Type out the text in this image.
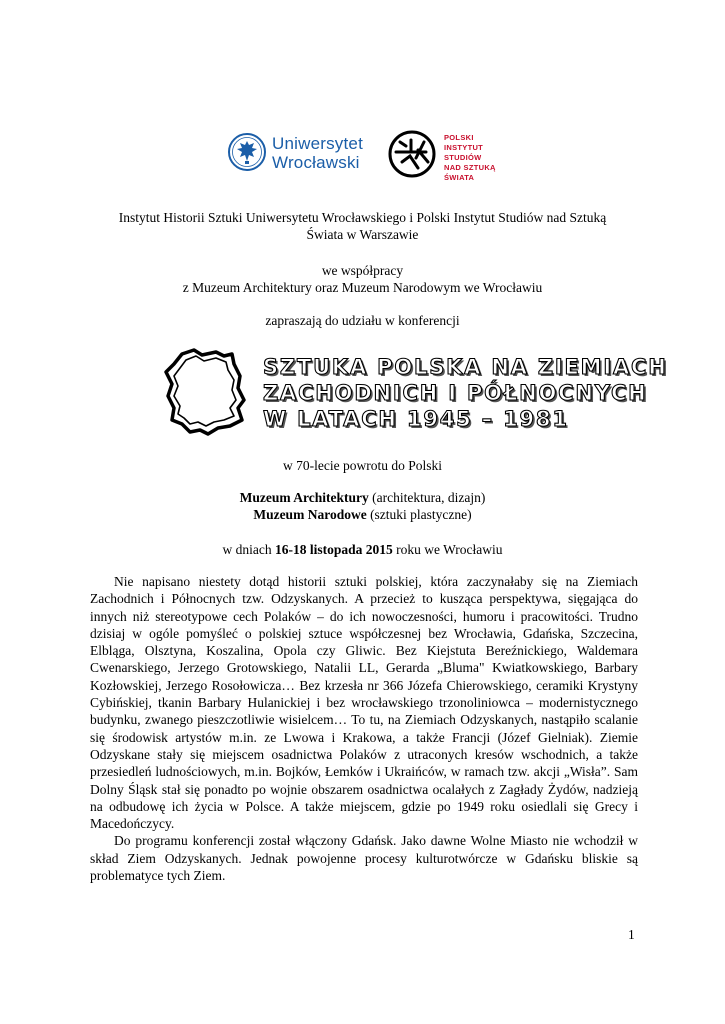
Uniwersytet
Wrocławski
POLSKI
INSTYTUT
STUDIÓW
NAD SZTUKĄ
ŚWIATA
Instytut Historii Sztuki Uniwersytetu Wrocławskiego i Polski Instytut Studiów nad Sztuką
Świata w Warszawie
we współpracy
z Muzeum Architektury oraz Muzeum Narodowym we Wrocławiu
zapraszają do udziału w konferencji
SZTUKA POLSKA NA ZIEMIACH
ZACHODNICH I PÓŁNOCNYCH
W LATACH 1945 – 1981
w 70-lecie powrotu do Polski
Muzeum Architektury (architektura, dizajn)
Muzeum Narodowe (sztuki plastyczne)
w dniach 16-18 listopada 2015 roku we Wrocławiu

Nie napisano niestety dotąd historii sztuki polskiej, która zaczynałaby się na Ziemiach Zachodnich i Północnych tzw. Odzyskanych. A przecież to kusząca perspektywa, sięgająca do innych niż stereotypowe cech Polaków – do ich nowoczesności, humoru i pracowitości. Trudno dzisiaj w ogóle pomyśleć o polskiej sztuce współczesnej bez Wrocławia, Gdańska, Szczecina, Elbląga, Olsztyna, Koszalina, Opola czy Gliwic. Bez Kiejstuta Bereźnickiego, Waldemara Cwenarskiego, Jerzego Grotowskiego, Natalii LL, Gerarda „Bluma" Kwiatkowskiego, Barbary Kozłowskiej, Jerzego Rosołowicza… Bez krzesła nr 366 Józefa Chierowskiego, ceramiki Krystyny Cybińskiej, tkanin Barbary Hulanickiej i bez wrocławskiego trzonoliniowca – modernistycznego budynku, zwanego pieszczotliwie wisielcem… To tu, na Ziemiach Odzyskanych, nastąpiło scalanie się środowisk artystów m.in. ze Lwowa i Krakowa, a także Francji (Józef Gielniak). Ziemie Odzyskane stały się miejscem osadnictwa Polaków z utraconych kresów wschodnich, a także przesiedleń ludnościowych, m.in. Bojków, Łemków i Ukraińców, w ramach tzw. akcji „Wisła”. Sam Dolny Śląsk stał się ponadto po wojnie obszarem osadnictwa ocalałych z Zagłady Żydów, nadzieją na odbudowę ich życia w Polsce. A także miejscem, gdzie po 1949 roku osiedlali się Grecy i Macedończycy.

Do programu konferencji został włączony Gdańsk. Jako dawne Wolne Miasto nie wchodził w skład Ziem Odzyskanych. Jednak powojenne procesy kulturotwórcze w Gdańsku bliskie są problematyce tych Ziem.

1
